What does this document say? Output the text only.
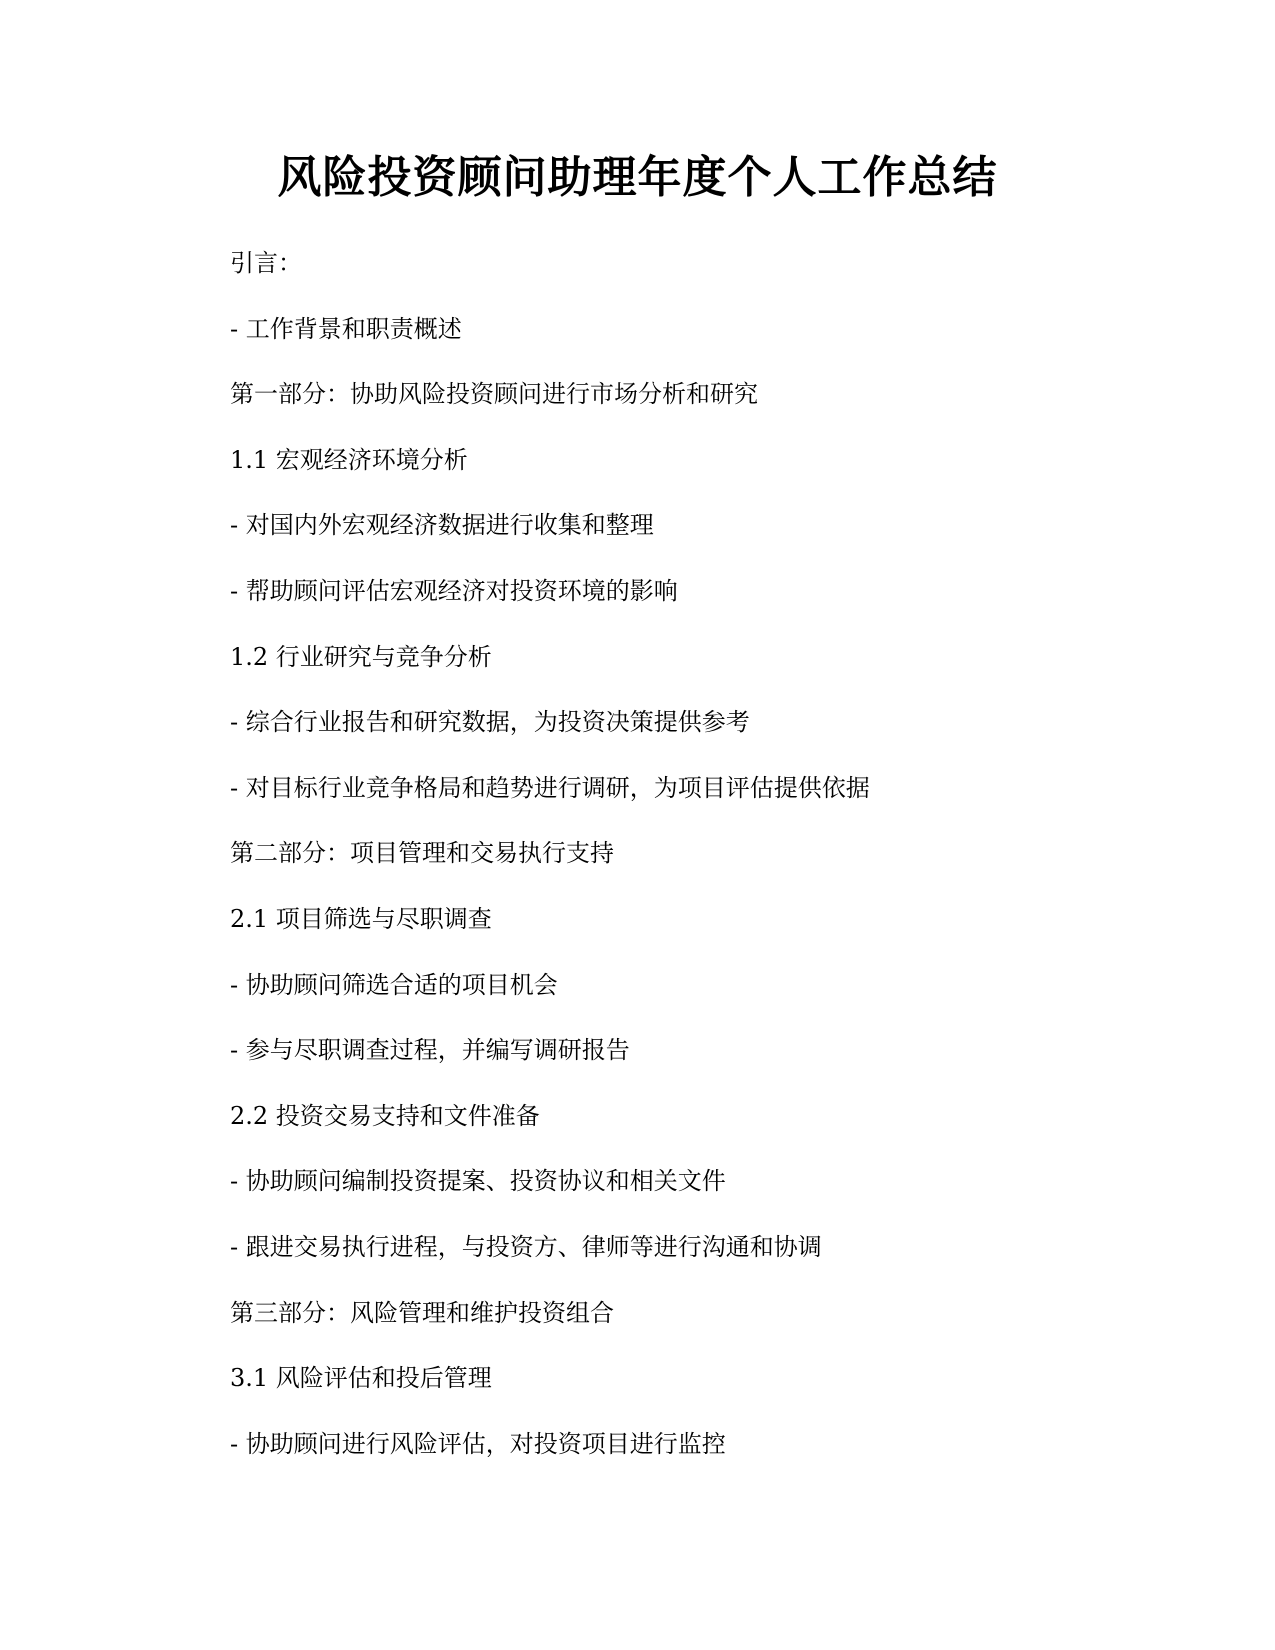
风险投资顾问助理年度个人工作总结
引言：
- 工作背景和职责概述
第一部分：协助风险投资顾问进行市场分析和研究
1.1 宏观经济环境分析
- 对国内外宏观经济数据进行收集和整理
- 帮助顾问评估宏观经济对投资环境的影响
1.2 行业研究与竞争分析
- 综合行业报告和研究数据，为投资决策提供参考
- 对目标行业竞争格局和趋势进行调研，为项目评估提供依据
第二部分：项目管理和交易执行支持
2.1 项目筛选与尽职调查
- 协助顾问筛选合适的项目机会
- 参与尽职调查过程，并编写调研报告
2.2 投资交易支持和文件准备
- 协助顾问编制投资提案、投资协议和相关文件
- 跟进交易执行进程，与投资方、律师等进行沟通和协调
第三部分：风险管理和维护投资组合
3.1 风险评估和投后管理
- 协助顾问进行风险评估，对投资项目进行监控
